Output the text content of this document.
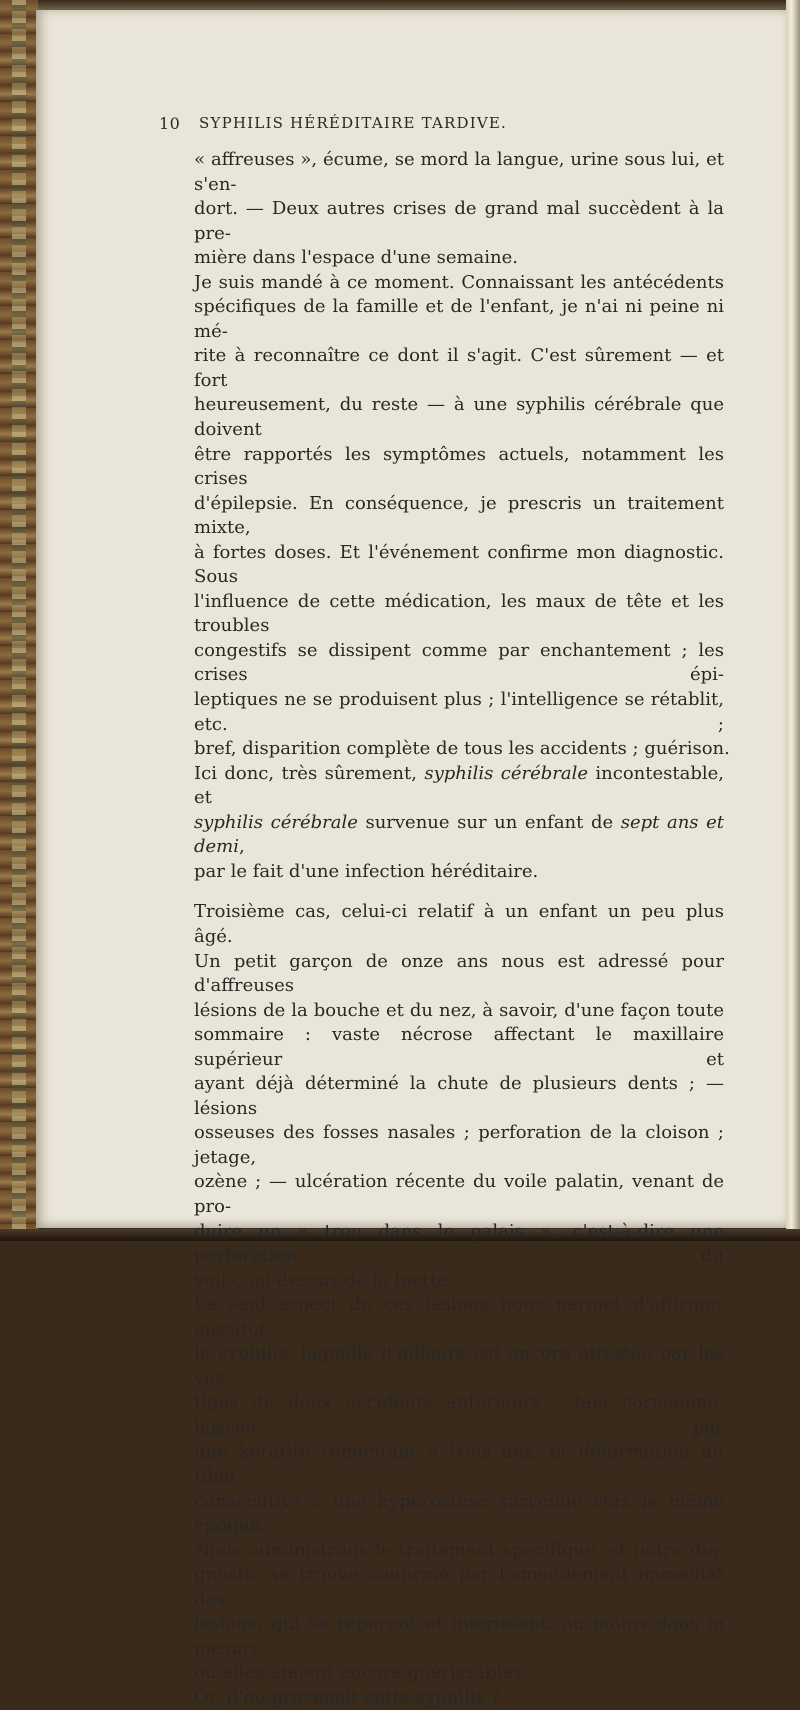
10 SYPHILIS HÉRÉDITAIRE TARDIVE.
« affreuses », écume, se mord la langue, urine sous lui, et s'en-
dort. — Deux autres crises de grand mal succèdent à la pre-
mière dans l'espace d'une semaine.
Je suis mandé à ce moment. Connaissant les antécédents
spécifiques de la famille et de l'enfant, je n'ai ni peine ni mé-
rite à reconnaître ce dont il s'agit. C'est sûrement — et fort
heureusement, du reste — à une syphilis cérébrale que doivent
être rapportés les symptômes actuels, notamment les crises
d'épilepsie. En conséquence, je prescris un traitement mixte,
à fortes doses. Et l'événement confirme mon diagnostic. Sous
l'influence de cette médication, les maux de tête et les troubles
congestifs se dissipent comme par enchantement ; les crises épi-
leptiques ne se produisent plus ; l'intelligence se rétablit, etc. ;
bref, disparition complète de tous les accidents ; guérison.
Ici donc, très sûrement, syphilis cérébrale incontestable, et
syphilis cérébrale survenue sur un enfant de sept ans et demi,
par le fait d'une infection héréditaire.
Troisième cas, celui-ci relatif à un enfant un peu plus âgé.
Un petit garçon de onze ans nous est adressé pour d'affreuses
lésions de la bouche et du nez, à savoir, d'une façon toute
sommaire : vaste nécrose affectant le maxillaire supérieur et
ayant déjà déterminé la chute de plusieurs dents ; — lésions
osseuses des fosses nasales ; perforation de la cloison ; jetage,
ozène ; — ulcération récente du voile palatin, venant de pro-
duire un « trou dans le palais », c'est-à-dire une perforation du
voile, au-dessus de la luette.
Le seul aspect de ces lésions nous permet d'affirmer aussitôt
la syphilis, laquelle d'ailleurs est encore attestée par les ves-
tiges de deux accidents antérieurs : taie cornéenne, laissée par
une kératite remontant à trois ans, et déformation du tibia
consécutive à une hyperostose survenue vers la même époque.
Nous administrons le traitement spécifique, et notre dia-
gnostic se trouve confirmé par l'amendement immédiat des
lésions, qui se réparent et guérissent, au moins dans la mesure
où elles étaient encore guérissables.
Or, d'où provenait cette syphilis ?
